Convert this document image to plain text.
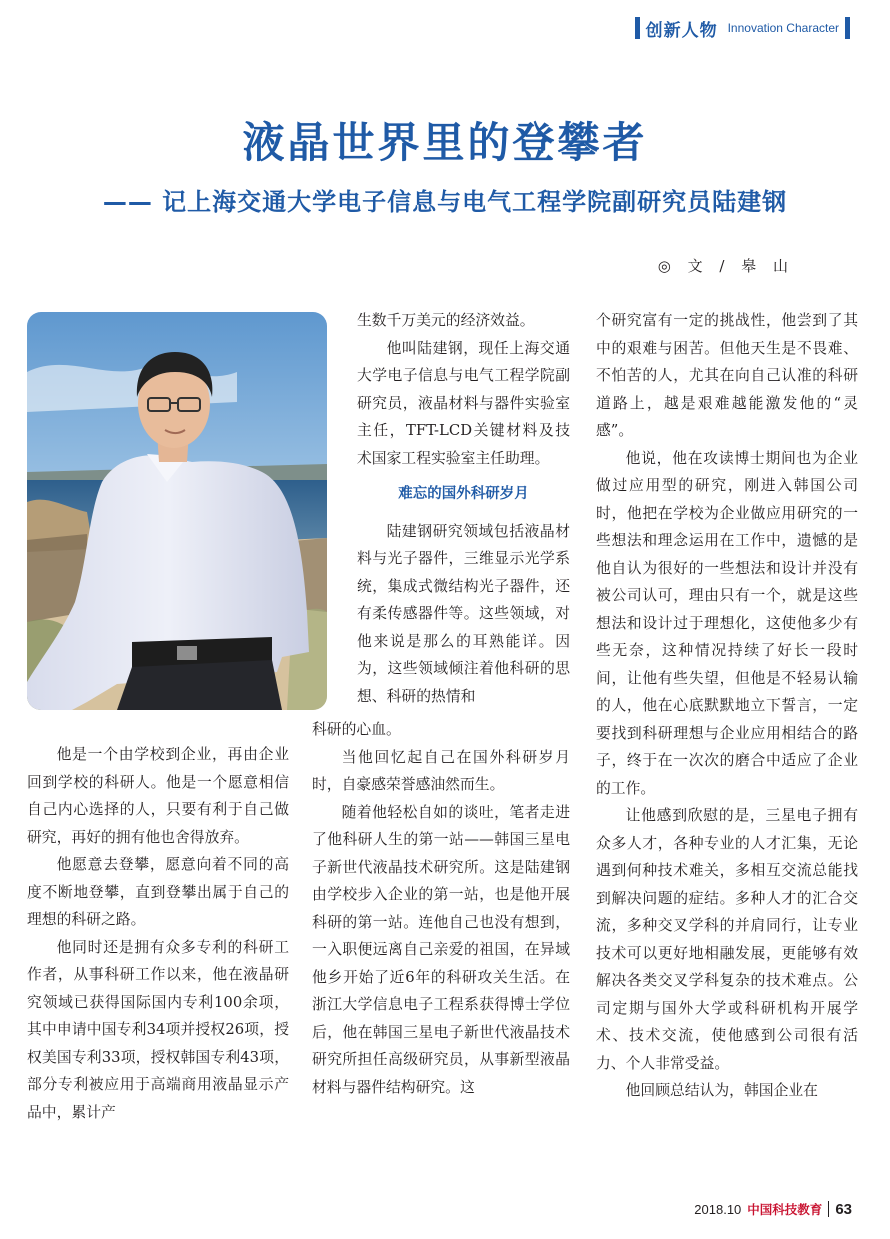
创新人物 Innovation Character
液晶世界里的登攀者
—— 记上海交通大学电子信息与电气工程学院副研究员陆建钢
◎ 文 / 皋 山

他是一个由学校到企业，再由企业回到学校的科研人。他是一个愿意相信自己内心选择的人，只要有利于自己做研究，再好的拥有他也舍得放弃。

他愿意去登攀，愿意向着不同的高度不断地登攀，直到登攀出属于自己的理想的科研之路。

他同时还是拥有众多专利的科研工作者，从事科研工作以来，他在液晶研究领域已获得国际国内专利100余项，其中申请中国专利34项并授权26项，授权美国专利33项，授权韩国专利43项，部分专利被应用于高端商用液晶显示产品中，累计产

生数千万美元的经济效益。

他叫陆建钢，现任上海交通大学电子信息与电气工程学院副研究员，液晶材料与器件实验室主任，TFT-LCD关键材料及技术国家工程实验室主任助理。

难忘的国外科研岁月

陆建钢研究领域包括液晶材料与光子器件，三维显示光学系统，集成式微结构光子器件，还有柔传感器件等。这些领域，对他来说是那么的耳熟能详。因为，这些领域倾注着他科研的思想、科研的热情和

科研的心血。

当他回忆起自己在国外科研岁月时，自豪感荣誉感油然而生。

随着他轻松自如的谈吐，笔者走进了他科研人生的第一站——韩国三星电子新世代液晶技术研究所。这是陆建钢由学校步入企业的第一站，也是他开展科研的第一站。连他自己也没有想到，一入职便远离自己亲爱的祖国，在异域他乡开始了近6年的科研攻关生活。在浙江大学信息电子工程系获得博士学位后，他在韩国三星电子新世代液晶技术研究所担任高级研究员，从事新型液晶材料与器件结构研究。这

个研究富有一定的挑战性，他尝到了其中的艰难与困苦。但他天生是不畏难、不怕苦的人，尤其在向自己认准的科研道路上，越是艰难越能激发他的“灵感”。

他说，他在攻读博士期间也为企业做过应用型的研究，刚进入韩国公司时，他把在学校为企业做应用研究的一些想法和理念运用在工作中，遗憾的是他自认为很好的一些想法和设计并没有被公司认可，理由只有一个，就是这些想法和设计过于理想化，这使他多少有些无奈，这种情况持续了好长一段时间，让他有些失望，但他是不轻易认输的人，他在心底默默地立下誓言，一定要找到科研理想与企业应用相结合的路子，终于在一次次的磨合中适应了企业的工作。

让他感到欣慰的是，三星电子拥有众多人才，各种专业的人才汇集，无论遇到何种技术难关，多相互交流总能找到解决问题的症结。多种人才的汇合交流，多种交叉学科的并肩同行，让专业技术可以更好地相融发展，更能够有效解决各类交叉学科复杂的技术难点。公司定期与国外大学或科研机构开展学术、技术交流，使他感到公司很有活力、个人非常受益。

他回顾总结认为，韩国企业在

2018.10 中国科技教育 63
